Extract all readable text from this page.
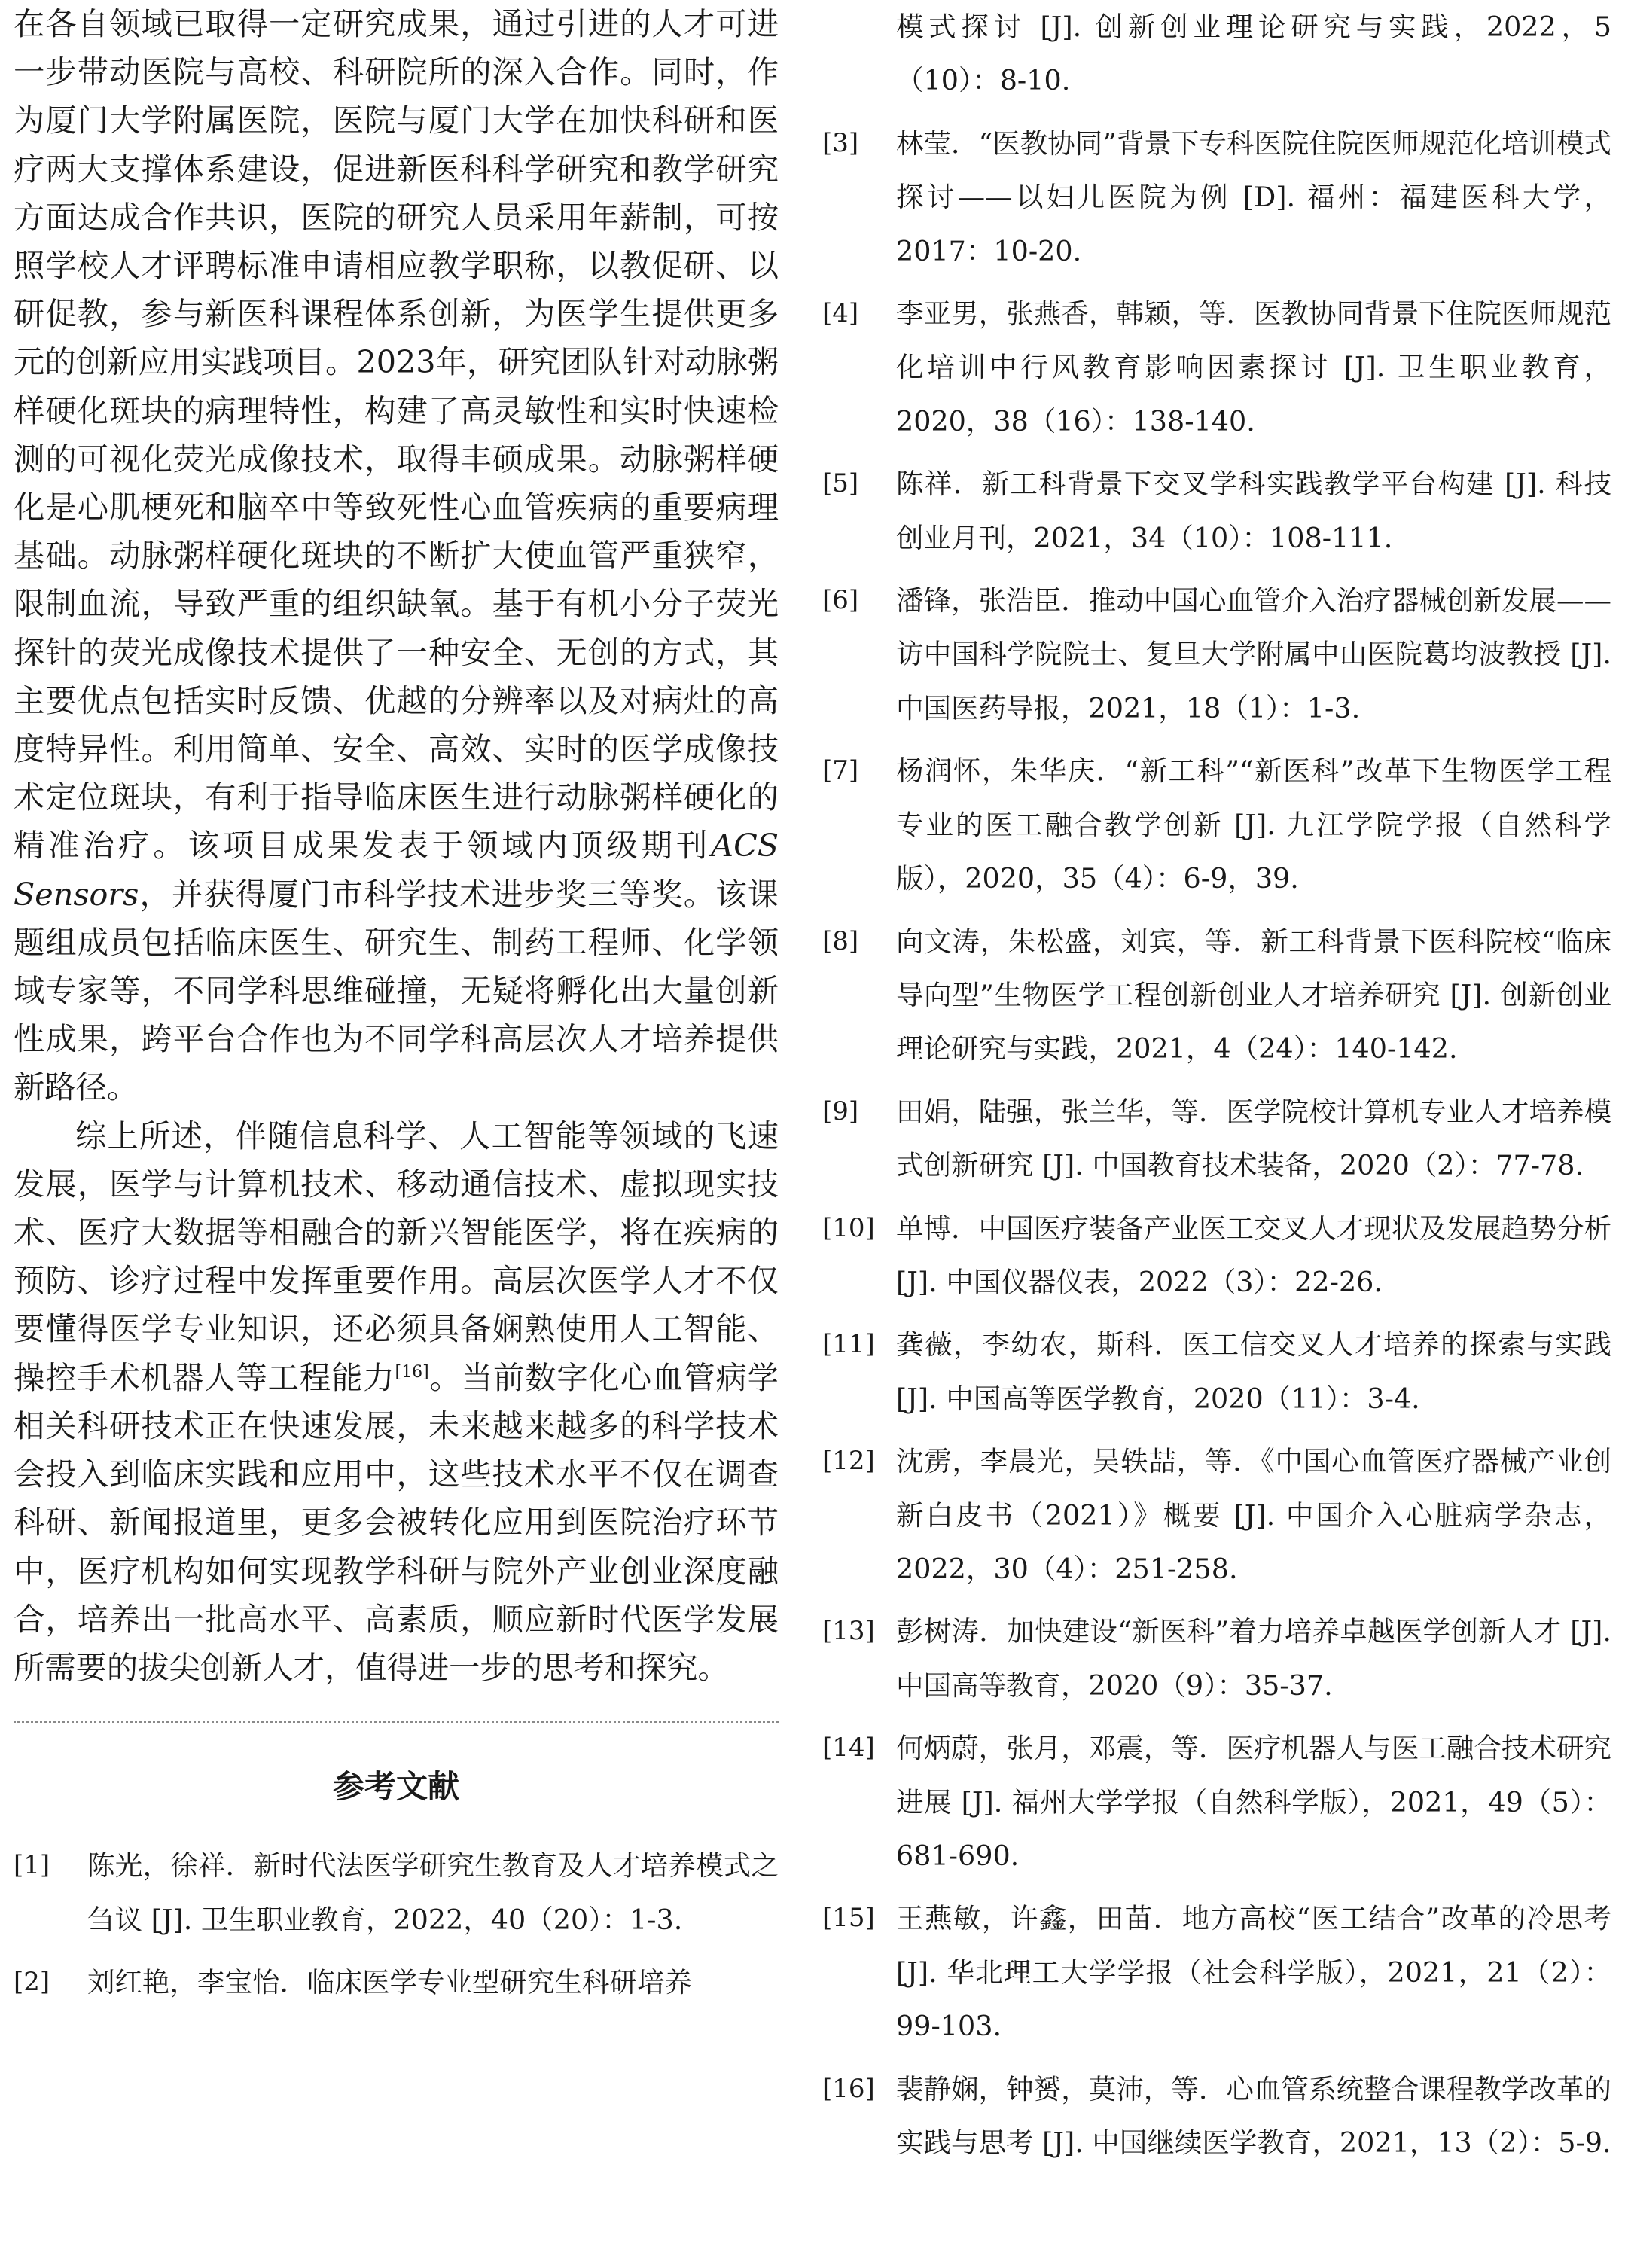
在各自领域已取得一定研究成果，通过引进的人才可进一步带动医院与高校、科研院所的深入合作。同时，作为厦门大学附属医院，医院与厦门大学在加快科研和医疗两大支撑体系建设，促进新医科科学研究和教学研究方面达成合作共识，医院的研究人员采用年薪制，可按照学校人才评聘标准申请相应教学职称，以教促研、以研促教，参与新医科课程体系创新，为医学生提供更多元的创新应用实践项目。2023年，研究团队针对动脉粥样硬化斑块的病理特性，构建了高灵敏性和实时快速检测的可视化荧光成像技术，取得丰硕成果。动脉粥样硬化是心肌梗死和脑卒中等致死性心血管疾病的重要病理基础。动脉粥样硬化斑块的不断扩大使血管严重狭窄，限制血流，导致严重的组织缺氧。基于有机小分子荧光探针的荧光成像技术提供了一种安全、无创的方式，其主要优点包括实时反馈、优越的分辨率以及对病灶的高度特异性。利用简单、安全、高效、实时的医学成像技术定位斑块，有利于指导临床医生进行动脉粥样硬化的精准治疗。该项目成果发表于领域内顶级期刊ACS Sensors，并获得厦门市科学技术进步奖三等奖。该课题组成员包括临床医生、研究生、制药工程师、化学领域专家等，不同学科思维碰撞，无疑将孵化出大量创新性成果，跨平台合作也为不同学科高层次人才培养提供新路径。

综上所述，伴随信息科学、人工智能等领域的飞速发展，医学与计算机技术、移动通信技术、虚拟现实技术、医疗大数据等相融合的新兴智能医学，将在疾病的预防、诊疗过程中发挥重要作用。高层次医学人才不仅要懂得医学专业知识，还必须具备娴熟使用人工智能、操控手术机器人等工程能力[16]。当前数字化心血管病学相关科研技术正在快速发展，未来越来越多的科学技术会投入到临床实践和应用中，这些技术水平不仅在调查科研、新闻报道里，更多会被转化应用到医院治疗环节中，医疗机构如何实现教学科研与院外产业创业深度融合，培养出一批高水平、高素质，顺应新时代医学发展所需要的拔尖创新人才，值得进一步的思考和探究。

参考文献
[1] 陈光，徐祥．新时代法医学研究生教育及人才培养模式之刍议 [J]. 卫生职业教育，2022，40（20）：1-3.
[2] 刘红艳，李宝怡．临床医学专业型研究生科研培养
模式探讨 [J]. 创新创业理论研究与实践，2022，5（10）：8-10.
[3] 林莹．“医教协同”背景下专科医院住院医师规范化培训模式探讨——以妇儿医院为例 [D]. 福州：福建医科大学，2017：10-20.
[4] 李亚男，张燕香，韩颖，等．医教协同背景下住院医师规范化培训中行风教育影响因素探讨 [J]. 卫生职业教育，2020，38（16）：138-140.
[5] 陈祥．新工科背景下交叉学科实践教学平台构建 [J]. 科技创业月刊，2021，34（10）：108-111.
[6] 潘锋，张浩臣．推动中国心血管介入治疗器械创新发展——访中国科学院院士、复旦大学附属中山医院葛均波教授 [J]. 中国医药导报，2021，18（1）：1-3.
[7] 杨润怀，朱华庆．“新工科”“新医科”改革下生物医学工程专业的医工融合教学创新 [J]. 九江学院学报（自然科学版），2020，35（4）：6-9，39.
[8] 向文涛，朱松盛，刘宾，等．新工科背景下医科院校“临床导向型”生物医学工程创新创业人才培养研究 [J]. 创新创业理论研究与实践，2021，4（24）：140-142.
[9] 田娟，陆强，张兰华，等．医学院校计算机专业人才培养模式创新研究 [J]. 中国教育技术装备，2020（2）：77-78.
[10] 单博．中国医疗装备产业医工交叉人才现状及发展趋势分析 [J]. 中国仪器仪表，2022（3）：22-26.
[11] 龚薇，李幼农，斯科．医工信交叉人才培养的探索与实践 [J]. 中国高等医学教育，2020（11）：3-4.
[12] 沈雳，李晨光，吴轶喆，等．《中国心血管医疗器械产业创新白皮书（2021）》概要 [J]. 中国介入心脏病学杂志，2022，30（4）：251-258.
[13] 彭树涛．加快建设“新医科”着力培养卓越医学创新人才 [J]. 中国高等教育，2020（9）：35-37.
[14] 何炳蔚，张月，邓震，等．医疗机器人与医工融合技术研究进展 [J]. 福州大学学报（自然科学版），2021，49（5）：681-690.
[15] 王燕敏，许鑫，田苗．地方高校“医工结合”改革的冷思考 [J]. 华北理工大学学报（社会科学版），2021，21（2）：99-103.
[16] 裴静娴，钟赟，莫沛，等．心血管系统整合课程教学改革的实践与思考 [J]. 中国继续医学教育，2021，13（2）：5-9.
